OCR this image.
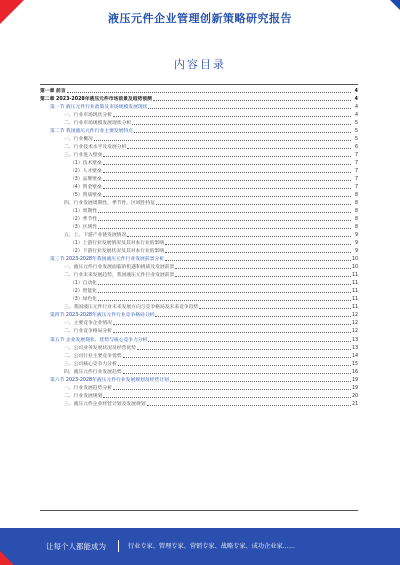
液压元件企业管理创新策略研究报告
内容目录
第一章 前言	4
第二章 2023-2028年液压元件市场前景及趋势预测	4
第一节 液压元件行业政策及市场规模发展现状	4
一、行业市场现状分析	4
二、行业市场规模发展现状分析	5
第二节 我国液压元件行业主要发展特点	5
一、行业概况	5
二、行业技术水平及发展分析	6
三、行业进入壁垒	7
（1）技术壁垒	7
（2）人才壁垒	7
（3）品牌壁垒	7
（4）资金壁垒	7
（5）资质壁垒	8
四、行业发展周期性、季节性、区域性特征	8
（1）周期性	8
（2）季节性	8
（3）区域性	8
五、上、下游产业链发展情况	9
（1）上游行业发展情况及其对本行业的影响	9
（2）下游行业发展状况及其对本行业的影响	9
第三节 2023-2028年我国液压元件行业发展前景分析	10
一、液压元件行业发展面临的机遇和挑战及发展前景	10
二、行业未来发展趋势，我国液压元件行业发展前景	11
（1）自动化	11
（2）智能化	11
（3）绿色化	11
三、我国液压元件行业未来发展方向与竞争格局及未来竞争趋势	11
第四节 2023-2028年液压元件行业竞争格局分析	12
一、主要竞争企业情况	12
二、行业竞争格局分析	12
第五节 企业发展现状、优势与核心竞争力分析	13
一、公司业务发展状况及经营优势	13
二、公司行业主要竞争优势	14
三、公司核心竞争力分析	15
四、液压元件行业发展趋势	16
第六节 2023-2028年液压元件行业发展规划及经营计划	19
一、行业发展趋势分析	19
二、行业发展规划	20
三、液压元件企业经营计划及发展规划	21
让每个人都能成为	行业专家、管理专家、营销专家、战略专家、成功企业家……
